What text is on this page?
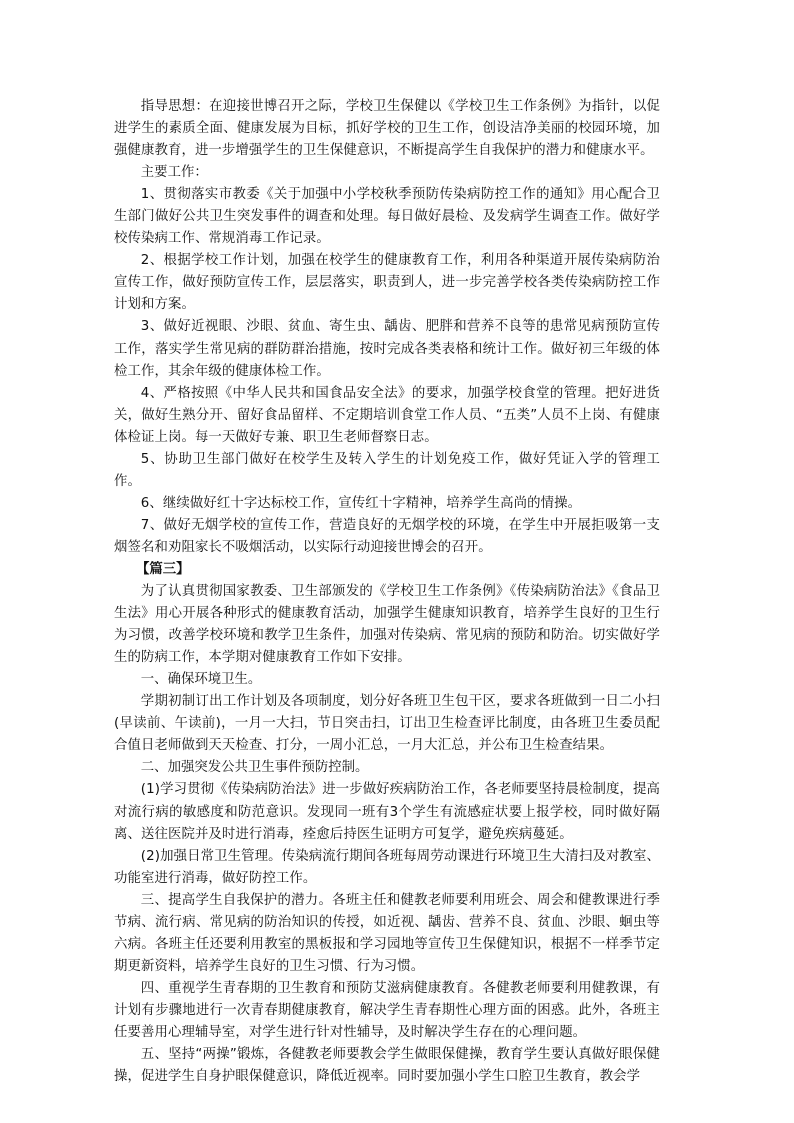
指导思想：在迎接世博召开之际，学校卫生保健以《学校卫生工作条例》为指针，以促进学生的素质全面、健康发展为目标，抓好学校的卫生工作，创设洁净美丽的校园环境，加强健康教育，进一步增强学生的卫生保健意识，不断提高学生自我保护的潜力和健康水平。

主要工作：

1、贯彻落实市教委《关于加强中小学校秋季预防传染病防控工作的通知》用心配合卫生部门做好公共卫生突发事件的调查和处理。每日做好晨检、及发病学生调查工作。做好学校传染病工作、常规消毒工作记录。

2、根据学校工作计划，加强在校学生的健康教育工作，利用各种渠道开展传染病防治宣传工作，做好预防宣传工作，层层落实，职责到人，进一步完善学校各类传染病防控工作计划和方案。

3、做好近视眼、沙眼、贫血、寄生虫、龋齿、肥胖和营养不良等的患常见病预防宣传工作，落实学生常见病的群防群治措施，按时完成各类表格和统计工作。做好初三年级的体检工作，其余年级的健康体检工作。

4、严格按照《中华人民共和国食品安全法》的要求，加强学校食堂的管理。把好进货关，做好生熟分开、留好食品留样、不定期培训食堂工作人员、“五类”人员不上岗、有健康体检证上岗。每一天做好专兼、职卫生老师督察日志。

5、协助卫生部门做好在校学生及转入学生的计划免疫工作，做好凭证入学的管理工作。

6、继续做好红十字达标校工作，宣传红十字精神，培养学生高尚的情操。

7、做好无烟学校的宣传工作，营造良好的无烟学校的环境，在学生中开展拒吸第一支烟签名和劝阻家长不吸烟活动，以实际行动迎接世博会的召开。

【篇三】

为了认真贯彻国家教委、卫生部颁发的《学校卫生工作条例》《传染病防治法》《食品卫生法》用心开展各种形式的健康教育活动，加强学生健康知识教育，培养学生良好的卫生行为习惯，改善学校环境和教学卫生条件，加强对传染病、常见病的预防和防治。切实做好学生的防病工作，本学期对健康教育工作如下安排。

一、确保环境卫生。

学期初制订出工作计划及各项制度，划分好各班卫生包干区，要求各班做到一日二小扫(早读前、午读前)，一月一大扫，节日突击扫，订出卫生检查评比制度，由各班卫生委员配合值日老师做到天天检查、打分，一周小汇总，一月大汇总，并公布卫生检查结果。

二、加强突发公共卫生事件预防控制。

(1)学习贯彻《传染病防治法》进一步做好疾病防治工作，各老师要坚持晨检制度，提高对流行病的敏感度和防范意识。发现同一班有3个学生有流感症状要上报学校，同时做好隔离、送往医院并及时进行消毒，痊愈后持医生证明方可复学，避免疾病蔓延。

(2)加强日常卫生管理。传染病流行期间各班每周劳动课进行环境卫生大清扫及对教室、功能室进行消毒，做好防控工作。

三、提高学生自我保护的潜力。各班主任和健教老师要利用班会、周会和健教课进行季节病、流行病、常见病的防治知识的传授，如近视、龋齿、营养不良、贫血、沙眼、蛔虫等六病。各班主任还要利用教室的黑板报和学习园地等宣传卫生保健知识，根据不一样季节定期更新资料，培养学生良好的卫生习惯、行为习惯。

四、重视学生青春期的卫生教育和预防艾滋病健康教育。各健教老师要利用健教课，有计划有步骤地进行一次青春期健康教育，解决学生青春期性心理方面的困惑。此外，各班主任要善用心理辅导室，对学生进行针对性辅导，及时解决学生存在的心理问题。

五、坚持“两操”锻炼，各健教老师要教会学生做眼保健操，教育学生要认真做好眼保健操，促进学生自身护眼保健意识，降低近视率。同时要加强小学生口腔卫生教育，教会学
